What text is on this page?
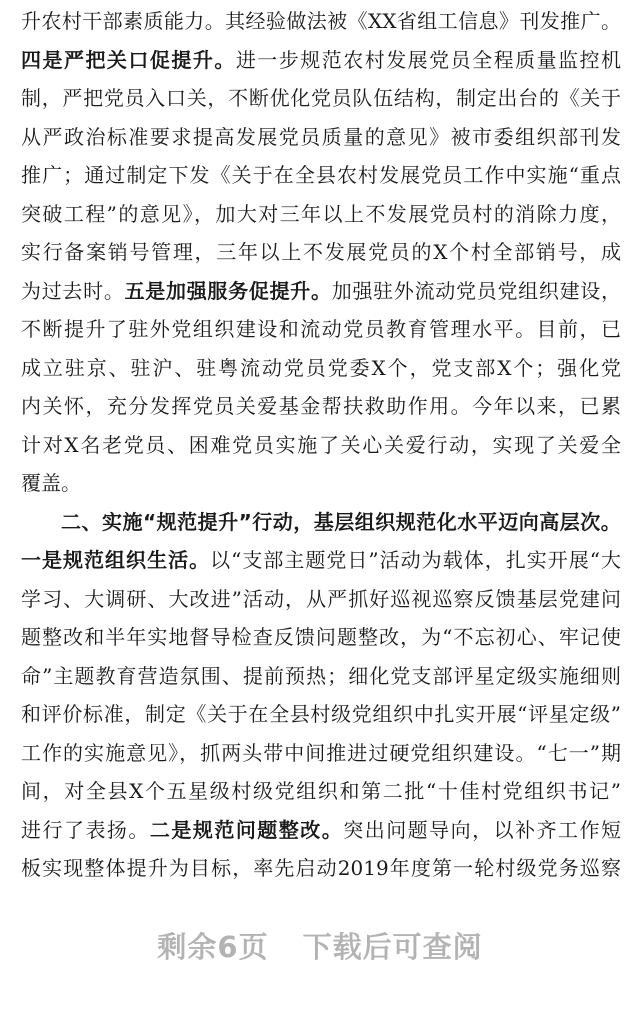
升农村干部素质能力。其经验做法被《XX省组工信息》刊发推广。
四是严把关口促提升。进一步规范农村发展党员全程质量监控机
制，严把党员入口关，不断优化党员队伍结构，制定出台的《关于
从严政治标准要求提高发展党员质量的意见》被市委组织部刊发
推广；通过制定下发《关于在全县农村发展党员工作中实施“重点
突破工程”的意见》，加大对三年以上不发展党员村的消除力度，
实行备案销号管理，三年以上不发展党员的X个村全部销号，成
为过去时。五是加强服务促提升。加强驻外流动党员党组织建设，
不断提升了驻外党组织建设和流动党员教育管理水平。目前，已
成立驻京、驻沪、驻粤流动党员党委X个，党支部X个；强化党
内关怀，充分发挥党员关爱基金帮扶救助作用。今年以来，已累
计对X名老党员、困难党员实施了关心关爱行动，实现了关爱全
覆盖。
二、实施“规范提升”行动，基层组织规范化水平迈向高层次。
一是规范组织生活。以“支部主题党日”活动为载体，扎实开展“大
学习、大调研、大改进”活动，从严抓好巡视巡察反馈基层党建问
题整改和半年实地督导检查反馈问题整改，为“不忘初心、牢记使
命”主题教育营造氛围、提前预热；细化党支部评星定级实施细则
和评价标准，制定《关于在全县村级党组织中扎实开展“评星定级”
工作的实施意见》，抓两头带中间推进过硬党组织建设。“七一”期
间，对全县X个五星级村级党组织和第二批“十佳村党组织书记”
进行了表扬。二是规范问题整改。突出问题导向，以补齐工作短
板实现整体提升为目标，率先启动2019年度第一轮村级党务巡察
剩余6页 下载后可查阅
